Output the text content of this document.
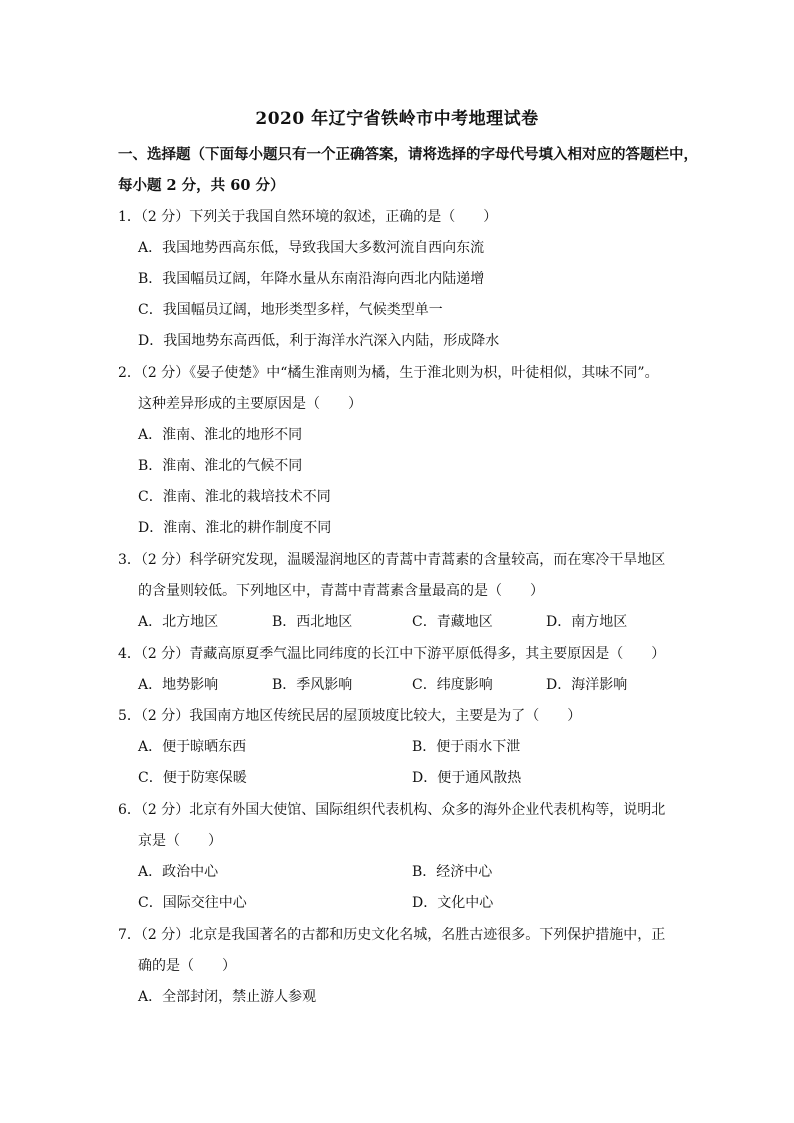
2020 年辽宁省铁岭市中考地理试卷
一、选择题（下面每小题只有一个正确答案，请将选择的字母代号填入相对应的答题栏中，
每小题 2 分，共 60 分）
1．（2 分）下列关于我国自然环境的叙述，正确的是（　　）
A．我国地势西高东低，导致我国大多数河流自西向东流
B．我国幅员辽阔，年降水量从东南沿海向西北内陆递增
C．我国幅员辽阔，地形类型多样，气候类型单一
D．我国地势东高西低，利于海洋水汽深入内陆，形成降水
2．（2 分）《晏子使楚》中“橘生淮南则为橘，生于淮北则为枳，叶徒相似，其味不同”。
这种差异形成的主要原因是（　　）
A．淮南、淮北的地形不同
B．淮南、淮北的气候不同
C．淮南、淮北的栽培技术不同
D．淮南、淮北的耕作制度不同
3．（2 分）科学研究发现，温暖湿润地区的青蒿中青蒿素的含量较高，而在寒冷干旱地区
的含量则较低。下列地区中，青蒿中青蒿素含量最高的是（　　）
A．北方地区	B．西北地区	C．青藏地区	D．南方地区
4．（2 分）青藏高原夏季气温比同纬度的长江中下游平原低得多，其主要原因是（　　）
A．地势影响	B．季风影响	C．纬度影响	D．海洋影响
5．（2 分）我国南方地区传统民居的屋顶坡度比较大，主要是为了（　　）
A．便于晾晒东西	B．便于雨水下泄
C．便于防寒保暖	D．便于通风散热
6．（2 分）北京有外国大使馆、国际组织代表机构、众多的海外企业代表机构等，说明北
京是（　　）
A．政治中心	B．经济中心
C．国际交往中心	D．文化中心
7．（2 分）北京是我国著名的古都和历史文化名城，名胜古迹很多。下列保护措施中，正
确的是（　　）
A．全部封闭，禁止游人参观
